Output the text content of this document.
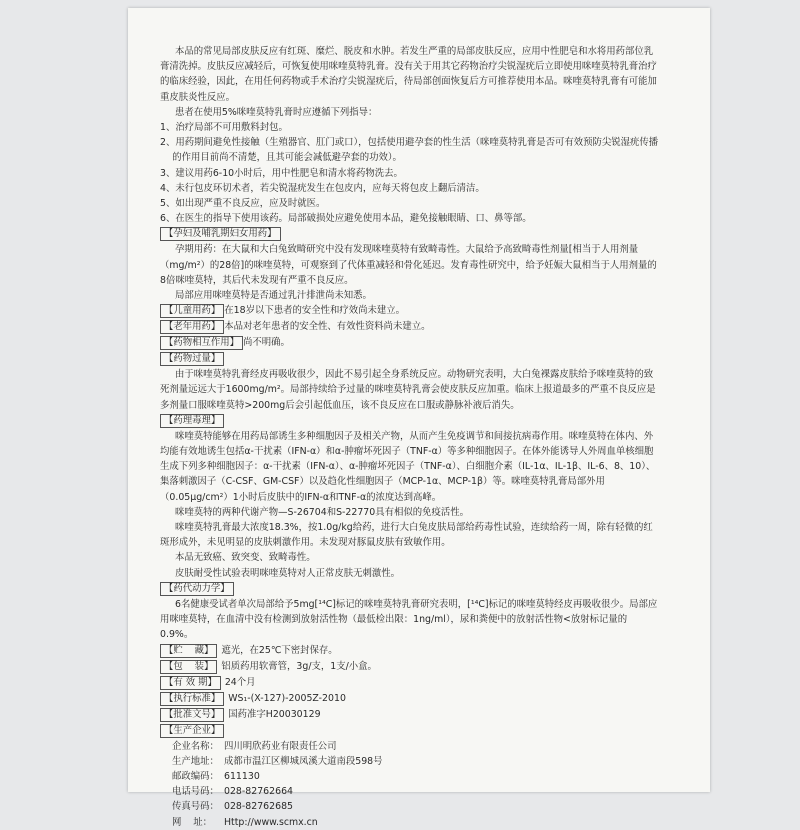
本品的常见局部皮肤反应有红斑、糜烂、脱皮和水肿。若发生严重的局部皮肤反应，应用中性肥皂和水将用药部位乳膏清洗掉。皮肤反应减轻后，可恢复使用咪喹莫特乳膏。没有关于用其它药物治疗尖锐湿疣后立即使用咪喹莫特乳膏治疗的临床经验，因此，在用任何药物或手术治疗尖锐湿疣后，待局部创面恢复后方可推荐使用本品。咪喹莫特乳膏有可能加重皮肤炎性反应。

患者在使用5%咪喹莫特乳膏时应遵循下列指导：

1、治疗局部不可用敷料封包。

2、用药期间避免性接触（生殖器官、肛门或口），包括使用避孕套的性生活（咪喹莫特乳膏是否可有效预防尖锐湿疣传播的作用目前尚不清楚，且其可能会减低避孕套的功效）。

3、建议用药6-10小时后，用中性肥皂和清水将药物洗去。

4、未行包皮环切术者，若尖锐湿疣发生在包皮内，应每天将包皮上翻后清洁。

5、如出现严重不良反应，应及时就医。

6、在医生的指导下使用该药。局部破损处应避免使用本品，避免接触眼睛、口、鼻等部。

【孕妇及哺乳期妇女用药】

孕期用药：在大鼠和大白兔致畸研究中没有发现咪喹莫特有致畸毒性。大鼠给予高致畸毒性剂量[相当于人用剂量（mg/m²）的28倍]的咪喹莫特，可观察到了代体重减轻和骨化延迟。发育毒性研究中，给予妊娠大鼠相当于人用剂量的8倍咪喹莫特，其后代未发现有严重不良反应。

局部应用咪喹莫特是否通过乳汁排泄尚未知悉。

【儿童用药】 在18岁以下患者的安全性和疗效尚未建立。

【老年用药】 本品对老年患者的安全性、有效性资料尚未建立。

【药物相互作用】 尚不明确。

【药物过量】

由于咪喹莫特乳膏经皮再吸收很少，因此不易引起全身系统反应。动物研究表明，大白兔裸露皮肤给予咪喹莫特的致死剂量远远大于1600mg/m²。局部持续给予过量的咪喹莫特乳膏会使皮肤反应加重。临床上报道最多的严重不良反应是多剂量口服咪喹莫特>200mg后会引起低血压，该不良反应在口服或静脉补液后消失。

【药理毒理】

咪喹莫特能够在用药局部诱生多种细胞因子及相关产物，从而产生免疫调节和间接抗病毒作用。咪喹莫特在体内、外均能有效地诱生包括α-干扰素（IFN-α）和α-肿瘤坏死因子（TNF-α）等多种细胞因子。在体外能诱导人外周血单核细胞生成下列多种细胞因子：α-干扰素（IFN-α）、α-肿瘤坏死因子（TNF-α）、白细胞介素（IL-1α、IL-1β、IL-6、8、10）、集落刺激因子（C-CSF、GM-CSF）以及趋化性细胞因子（MCP-1α、MCP-1β）等。咪喹莫特乳膏局部外用（0.05μg/cm²）1小时后皮肤中的IFN-α和TNF-α的浓度达到高峰。

咪喹莫特的两种代谢产物—S-26704和S-22770具有相似的免疫活性。

咪喹莫特乳膏最大浓度18.3%，按1.0g/kg给药，进行大白兔皮肤局部给药毒性试验，连续给药一周，除有轻微的红斑形成外，未见明显的皮肤刺激作用。未发现对豚鼠皮肤有致敏作用。

本品无致癌、致突变、致畸毒性。

皮肤耐受性试验表明咪喹莫特对人正常皮肤无刺激性。

【药代动力学】

6名健康受试者单次局部给予5mg[¹⁴C]标记的咪喹莫特乳膏研究表明，[¹⁴C]标记的咪喹莫特经皮再吸收很少。局部应用咪喹莫特，在血清中没有检测到放射活性物（最低检出限：1ng/ml），尿和粪便中的放射活性物<放射标记量的0.9%。

【贮    藏】 遮光，在25℃下密封保存。
【包    装】 铝质药用软膏管，3g/支，1支/小盒。
【有 效 期】 24个月
【执行标准】 WS₁-(X-127)-2005Z-2010
【批准文号】 国药准字H20030129
【生产企业】

企业名称： 四川明欣药业有限责任公司

生产地址： 成都市温江区柳城凤溪大道南段598号

邮政编码： 611130

电话号码： 028-82762664

传真号码： 028-82762685

网    址： Http://www.scmx.cn
